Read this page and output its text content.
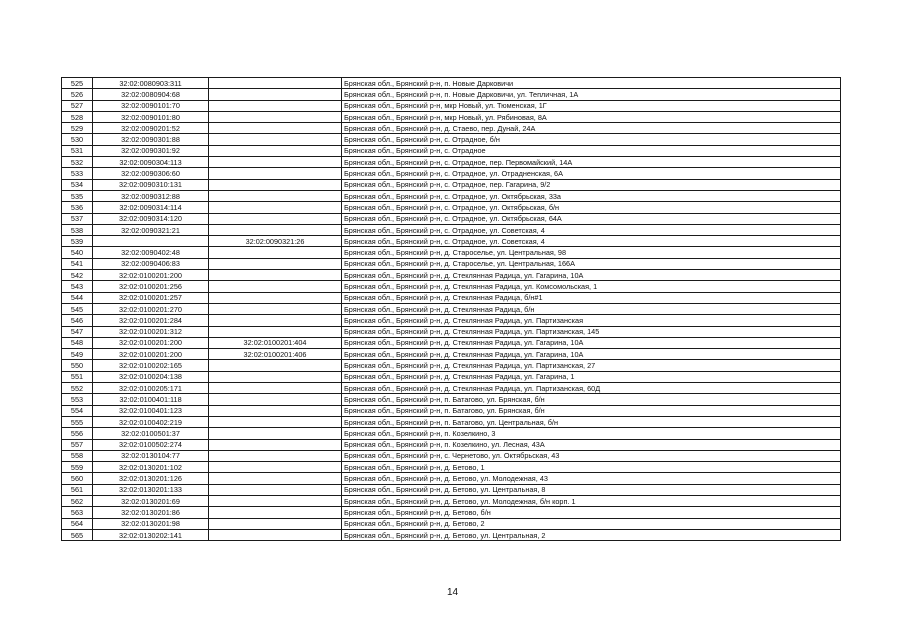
525	32:02:0080903:311		Брянская обл., Брянский р-н, п. Новые Дарковичи
526	32:02:0080904:68		Брянская обл., Брянский р-н, п. Новые Дарковичи, ул. Тепличная, 1А
527	32:02:0090101:70		Брянская обл., Брянский р-н, мкр Новый, ул. Тюменская, 1Г
528	32:02:0090101:80		Брянская обл., Брянский р-н, мкр Новый, ул. Рябиновая, 8А
529	32:02:0090201:52		Брянская обл., Брянский р-н, д. Стаево, пер. Дунай, 24А
530	32:02:0090301:88		Брянская обл., Брянский р-н, с. Отрадное, б/н
531	32:02:0090301:92		Брянская обл., Брянский р-н, с. Отрадное
532	32:02:0090304:113		Брянская обл., Брянский р-н, с. Отрадное, пер. Первомайский, 14А
533	32:02:0090306:60		Брянская обл., Брянский р-н, с. Отрадное, ул. Отрадненская, 6А
534	32:02:0090310:131		Брянская обл., Брянский р-н, с. Отрадное, пер. Гагарина, 9/2
535	32:02:0090312:88		Брянская обл., Брянский р-н, с. Отрадное, ул. Октябрьская, 33а
536	32:02:0090314:114		Брянская обл., Брянский р-н, с. Отрадное, ул. Октябрьская, б/н
537	32:02:0090314:120		Брянская обл., Брянский р-н, с. Отрадное, ул. Октябрьская, 64А
538	32:02:0090321:21		Брянская обл., Брянский р-н, с. Отрадное, ул. Советская, 4
539		32:02:0090321:26	Брянская обл., Брянский р-н, с. Отрадное, ул. Советская, 4
540	32:02:0090402:48		Брянская обл., Брянский р-н, д. Староселье, ул. Центральная, 98
541	32:02:0090406:83		Брянская обл., Брянский р-н, д. Староселье, ул. Центральная, 166А
542	32:02:0100201:200		Брянская обл., Брянский р-н, д. Стеклянная Радица, ул. Гагарина, 10А
543	32:02:0100201:256		Брянская обл., Брянский р-н, д. Стеклянная Радица, ул. Комсомольская, 1
544	32:02:0100201:257		Брянская обл., Брянский р-н, д. Стеклянная Радица, б/н#1
545	32:02:0100201:270		Брянская обл., Брянский р-н, д. Стеклянная Радица, б/н
546	32:02:0100201:284		Брянская обл., Брянский р-н, д. Стеклянная Радица, ул. Партизанская
547	32:02:0100201:312		Брянская обл., Брянский р-н, д. Стеклянная Радица, ул. Партизанская, 145
548	32:02:0100201:200	32:02:0100201:404	Брянская обл., Брянский р-н, д. Стеклянная Радица, ул. Гагарина, 10А
549	32:02:0100201:200	32:02:0100201:406	Брянская обл., Брянский р-н, д. Стеклянная Радица, ул. Гагарина, 10А
550	32:02:0100202:165		Брянская обл., Брянский р-н, д. Стеклянная Радица, ул. Партизанская, 27
551	32:02:0100204:138		Брянская обл., Брянский р-н, д. Стеклянная Радица, ул. Гагарина, 1
552	32:02:0100205:171		Брянская обл., Брянский р-н, д. Стеклянная Радица, ул. Партизанская, 60Д
553	32:02:0100401:118		Брянская обл., Брянский р-н, п. Батагово, ул. Брянская, б/н
554	32:02:0100401:123		Брянская обл., Брянский р-н, п. Батагово, ул. Брянская, б/н
555	32:02:0100402:219		Брянская обл., Брянский р-н, п. Батагово, ул. Центральная, б/н
556	32:02:0100501:37		Брянская обл., Брянский р-н, п. Козелкино, 3
557	32:02:0100502:274		Брянская обл., Брянский р-н, п. Козелкино, ул. Лесная, 43А
558	32:02:0130104:77		Брянская обл., Брянский р-н, с. Чернетово, ул. Октябрьская, 43
559	32:02:0130201:102		Брянская обл., Брянский р-н, д. Бетово, 1
560	32:02:0130201:126		Брянская обл., Брянский р-н, д. Бетово, ул. Молодежная, 43
561	32:02:0130201:133		Брянская обл., Брянский р-н, д. Бетово, ул. Центральная, 8
562	32:02:0130201:69		Брянская обл., Брянский р-н, д. Бетово, ул. Молодежная, б/н корп. 1
563	32:02:0130201:86		Брянская обл., Брянский р-н, д. Бетово, б/н
564	32:02:0130201:98		Брянская обл., Брянский р-н, д. Бетово, 2
565	32:02:0130202:141		Брянская обл., Брянский р-н, д. Бетово, ул. Центральная, 2
14
